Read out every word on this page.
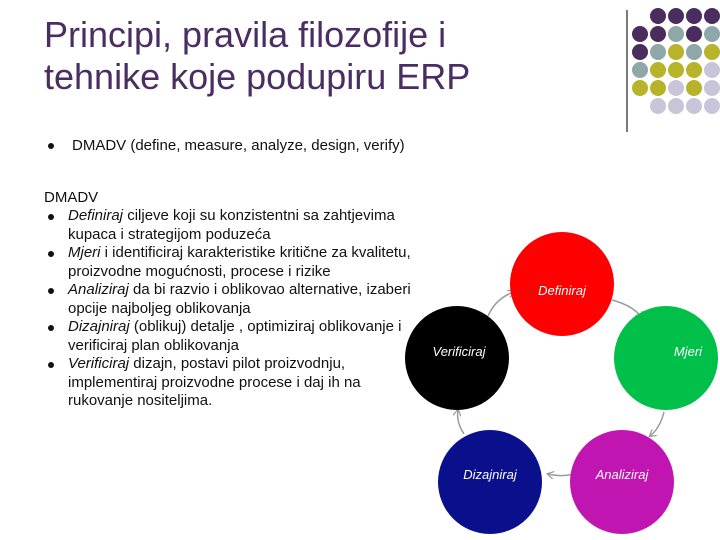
Principi, pravila filozofije i
tehnike koje podupiru ERP
DMADV (define, measure, analyze, design, verify)
DMADV
Definiraj ciljeve koji su konzistentni sa zahtjevima kupaca i strategijom poduzeća
Mjeri i identificiraj karakteristike kritične za kvalitetu, proizvodne mogućnosti, procese i rizike
Analiziraj da bi razvio i oblikovao alternative, izaberi opcije najboljeg oblikovanja
Dizajniraj (oblikuj) detalje , optimiziraj oblikovanje i verificiraj plan oblikovanja
Verificiraj dizajn, postavi pilot proizvodnju, implementiraj proizvodne procese i daj ih na rukovanje nositeljima.
Definiraj
Mjeri
Analiziraj
Dizajniraj
Verificiraj
